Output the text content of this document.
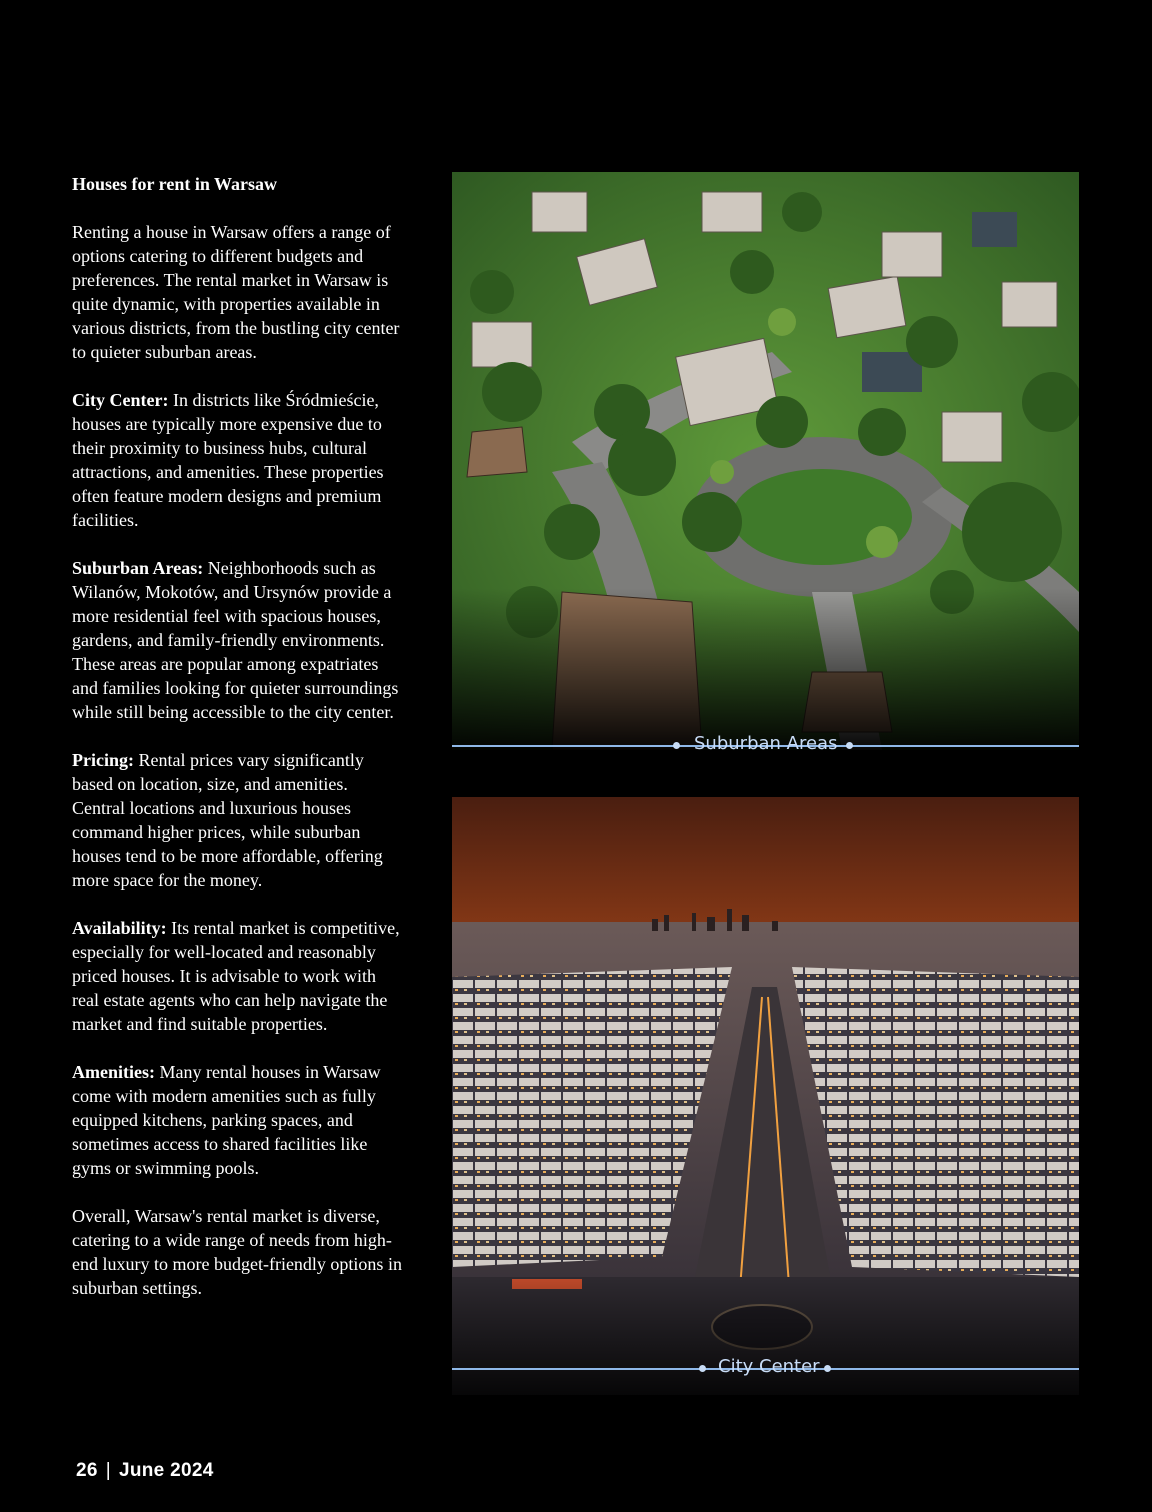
Houses for rent in Warsaw

Renting a house in Warsaw offers a range of options catering to different budgets and preferences. The rental market in Warsaw is quite dynamic, with properties available in various districts, from the bustling city center to quieter suburban areas.

City Center: In districts like Śródmieście, houses are typically more expensive due to their proximity to business hubs, cultural attractions, and amenities. These properties often feature modern designs and premium facilities.

Suburban Areas: Neighborhoods such as Wilanów, Mokotów, and Ursynów provide a more residential feel with spacious houses, gardens, and family-friendly environments. These areas are popular among expatriates and families looking for quieter surroundings while still being accessible to the city center.

Pricing: Rental prices vary significantly based on location, size, and amenities. Central locations and luxurious houses command higher prices, while suburban houses tend to be more affordable, offering more space for the money.

Availability: Its rental market is competitive, especially for well-located and reasonably priced houses. It is advisable to work with real estate agents who can help navigate the market and find suitable properties.

Amenities: Many rental houses in Warsaw come with modern amenities such as fully equipped kitchens, parking spaces, and sometimes access to shared facilities like gyms or swimming pools.

Overall, Warsaw's rental market is diverse, catering to a wide range of needs from high-end luxury to more budget-friendly options in suburban settings.

Suburban Areas
City Center
26 | June 2024
